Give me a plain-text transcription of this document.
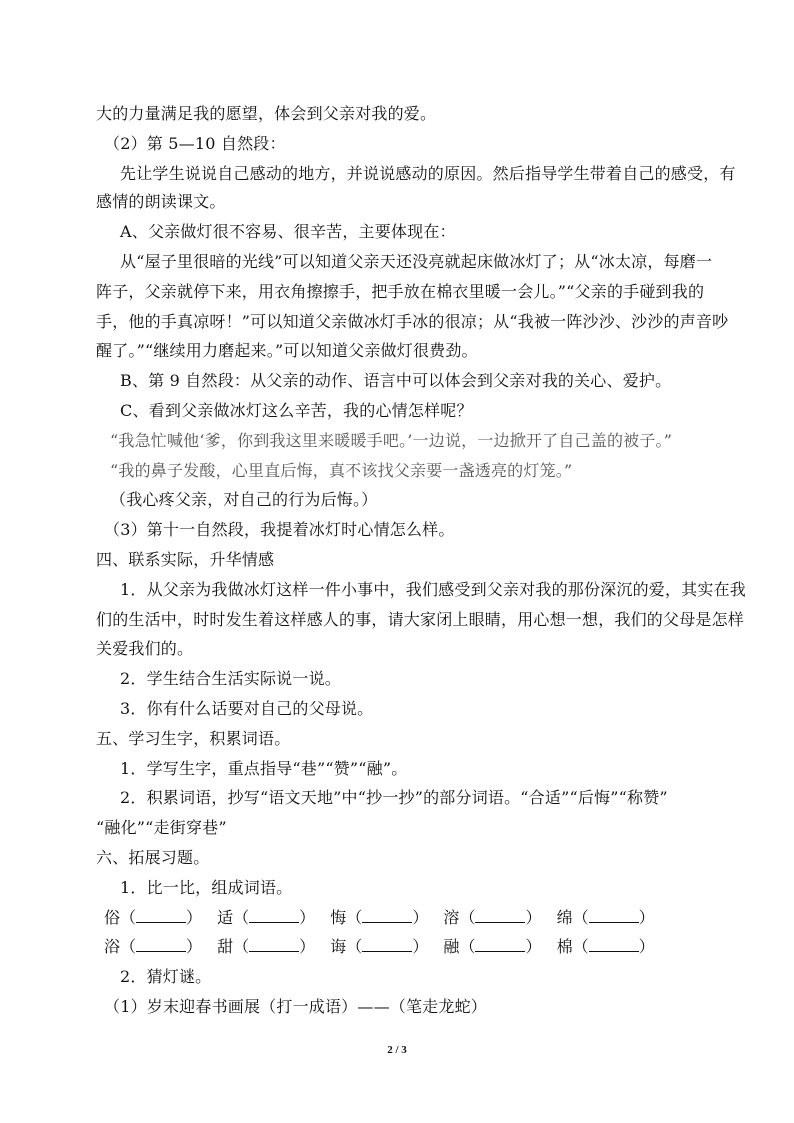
大的力量满足我的愿望，体会到父亲对我的爱。
（2）第 5—10 自然段：
先让学生说说自己感动的地方，并说说感动的原因。然后指导学生带着自己的感受，有
感情的朗读课文。
A、父亲做灯很不容易、很辛苦，主要体现在：
从“屋子里很暗的光线”可以知道父亲天还没亮就起床做冰灯了；从“冰太凉，每磨一
阵子，父亲就停下来，用衣角擦擦手，把手放在棉衣里暖一会儿。”“父亲的手碰到我的
手，他的手真凉呀！”可以知道父亲做冰灯手冰的很凉；从“我被一阵沙沙、沙沙的声音吵
醒了。”“继续用力磨起来。”可以知道父亲做灯很费劲。
B、第 9 自然段：从父亲的动作、语言中可以体会到父亲对我的关心、爱护。
C、看到父亲做冰灯这么辛苦，我的心情怎样呢？
“我急忙喊他‘爹，你到我这里来暖暖手吧。’一边说，一边掀开了自己盖的被子。”
“我的鼻子发酸，心里直后悔，真不该找父亲要一盏透亮的灯笼。”
（我心疼父亲，对自己的行为后悔。）
（3）第十一自然段，我提着冰灯时心情怎么样。
四、联系实际，升华情感
1．从父亲为我做冰灯这样一件小事中，我们感受到父亲对我的那份深沉的爱，其实在我
们的生活中，时时发生着这样感人的事，请大家闭上眼睛，用心想一想，我们的父母是怎样
关爱我们的。
2．学生结合生活实际说一说。
3．你有什么话要对自己的父母说。
五、学习生字，积累词语。
1．学写生字，重点指导“巷”“赞”“融”。
2．积累词语，抄写“语文天地”中“抄一抄”的部分词语。“合适”“后悔”“称赞”
“融化”“走街穿巷”
六、拓展习题。
1．比一比，组成词语。
俗（	） 适（	） 悔（	） 溶（	） 绵（	）
浴（	） 甜（	） 诲（	） 融（	） 棉（	）
2．猜灯谜。
（1）岁末迎春书画展（打一成语）——（笔走龙蛇）
2 / 3
